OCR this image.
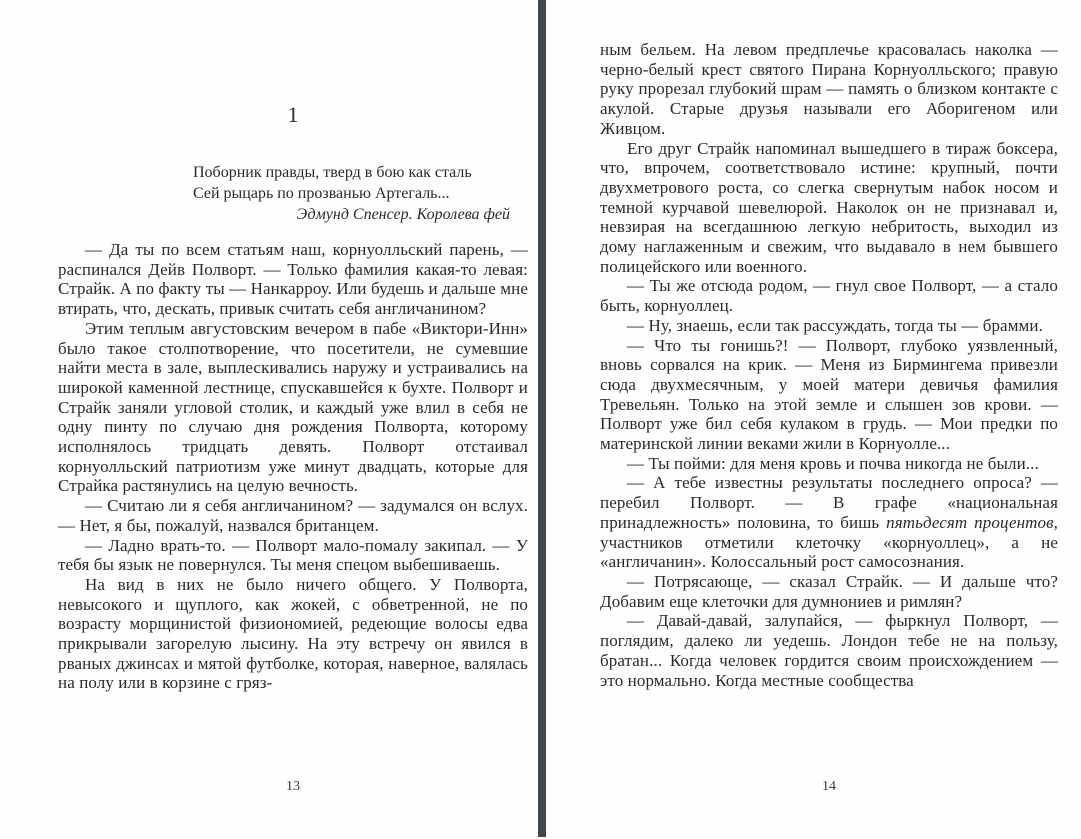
1
Поборник правды, тверд в бою как сталь
Сей рыцарь по прозванью Артегаль...
Эдмунд Спенсер. Королева фей

— Да ты по всем статьям наш, корнуолльский парень, — распинался Дейв Полворт. — Только фамилия какая-то левая: Страйк. А по факту ты — Нанкарроу. Или будешь и дальше мне втирать, что, дескать, привык считать себя англичанином?

Этим теплым августовским вечером в пабе «Виктори-Инн» было такое столпотворение, что посетители, не сумевшие найти места в зале, выплескивались наружу и устраивались на широкой каменной лестнице, спускавшейся к бухте. Полворт и Страйк заняли угловой столик, и каждый уже влил в себя не одну пинту по случаю дня рождения Полворта, которому исполнялось тридцать девять. Полворт отстаивал корнуолльский патриотизм уже минут двадцать, которые для Страйка растянулись на целую вечность.

— Считаю ли я себя англичанином? — задумался он вслух. — Нет, я бы, пожалуй, назвался британцем.

— Ладно врать-то. — Полворт мало-помалу закипал. — У тебя бы язык не повернулся. Ты меня спецом выбешиваешь.

На вид в них не было ничего общего. У Полворта, невысокого и щуплого, как жокей, с обветренной, не по возрасту морщинистой физиономией, редеющие волосы едва прикрывали загорелую лысину. На эту встречу он явился в рваных джинсах и мятой футболке, которая, наверное, валялась на полу или в корзине с гряз-

13

ным бельем. На левом предплечье красовалась наколка — черно-белый крест святого Пирана Корнуолльского; правую руку прорезал глубокий шрам — память о близком контакте с акулой. Старые друзья называли его Аборигеном или Живцом.

Его друг Страйк напоминал вышедшего в тираж боксера, что, впрочем, соответствовало истине: крупный, почти двухметрового роста, со слегка свернутым набок носом и темной курчавой шевелюрой. Наколок он не признавал и, невзирая на всегдашнюю легкую небритость, выходил из дому наглаженным и свежим, что выдавало в нем бывшего полицейского или военного.

— Ты же отсюда родом, — гнул свое Полворт, — а стало быть, корнуоллец.

— Ну, знаешь, если так рассуждать, тогда ты — брамми.

— Что ты гонишь?! — Полворт, глубоко уязвленный, вновь сорвался на крик. — Меня из Бирмингема привезли сюда двухмесячным, у моей матери девичья фамилия Тревельян. Только на этой земле и слышен зов крови. — Полворт уже бил себя кулаком в грудь. — Мои предки по материнской линии веками жили в Корнуолле...

— Ты пойми: для меня кровь и почва никогда не были...

— А тебе известны результаты последнего опроса? — перебил Полворт. — В графе «национальная принадлежность» половина, то бишь пятьдесят процентов, участников отметили клеточку «корнуоллец», а не «англичанин». Колоссальный рост самосознания.

— Потрясающе, — сказал Страйк. — И дальше что? Добавим еще клеточки для думнониев и римлян?

— Давай-давай, залупайся, — фыркнул Полворт, — поглядим, далеко ли уедешь. Лондон тебе не на пользу, братан... Когда человек гордится своим происхождением — это нормально. Когда местные сообщества

14
